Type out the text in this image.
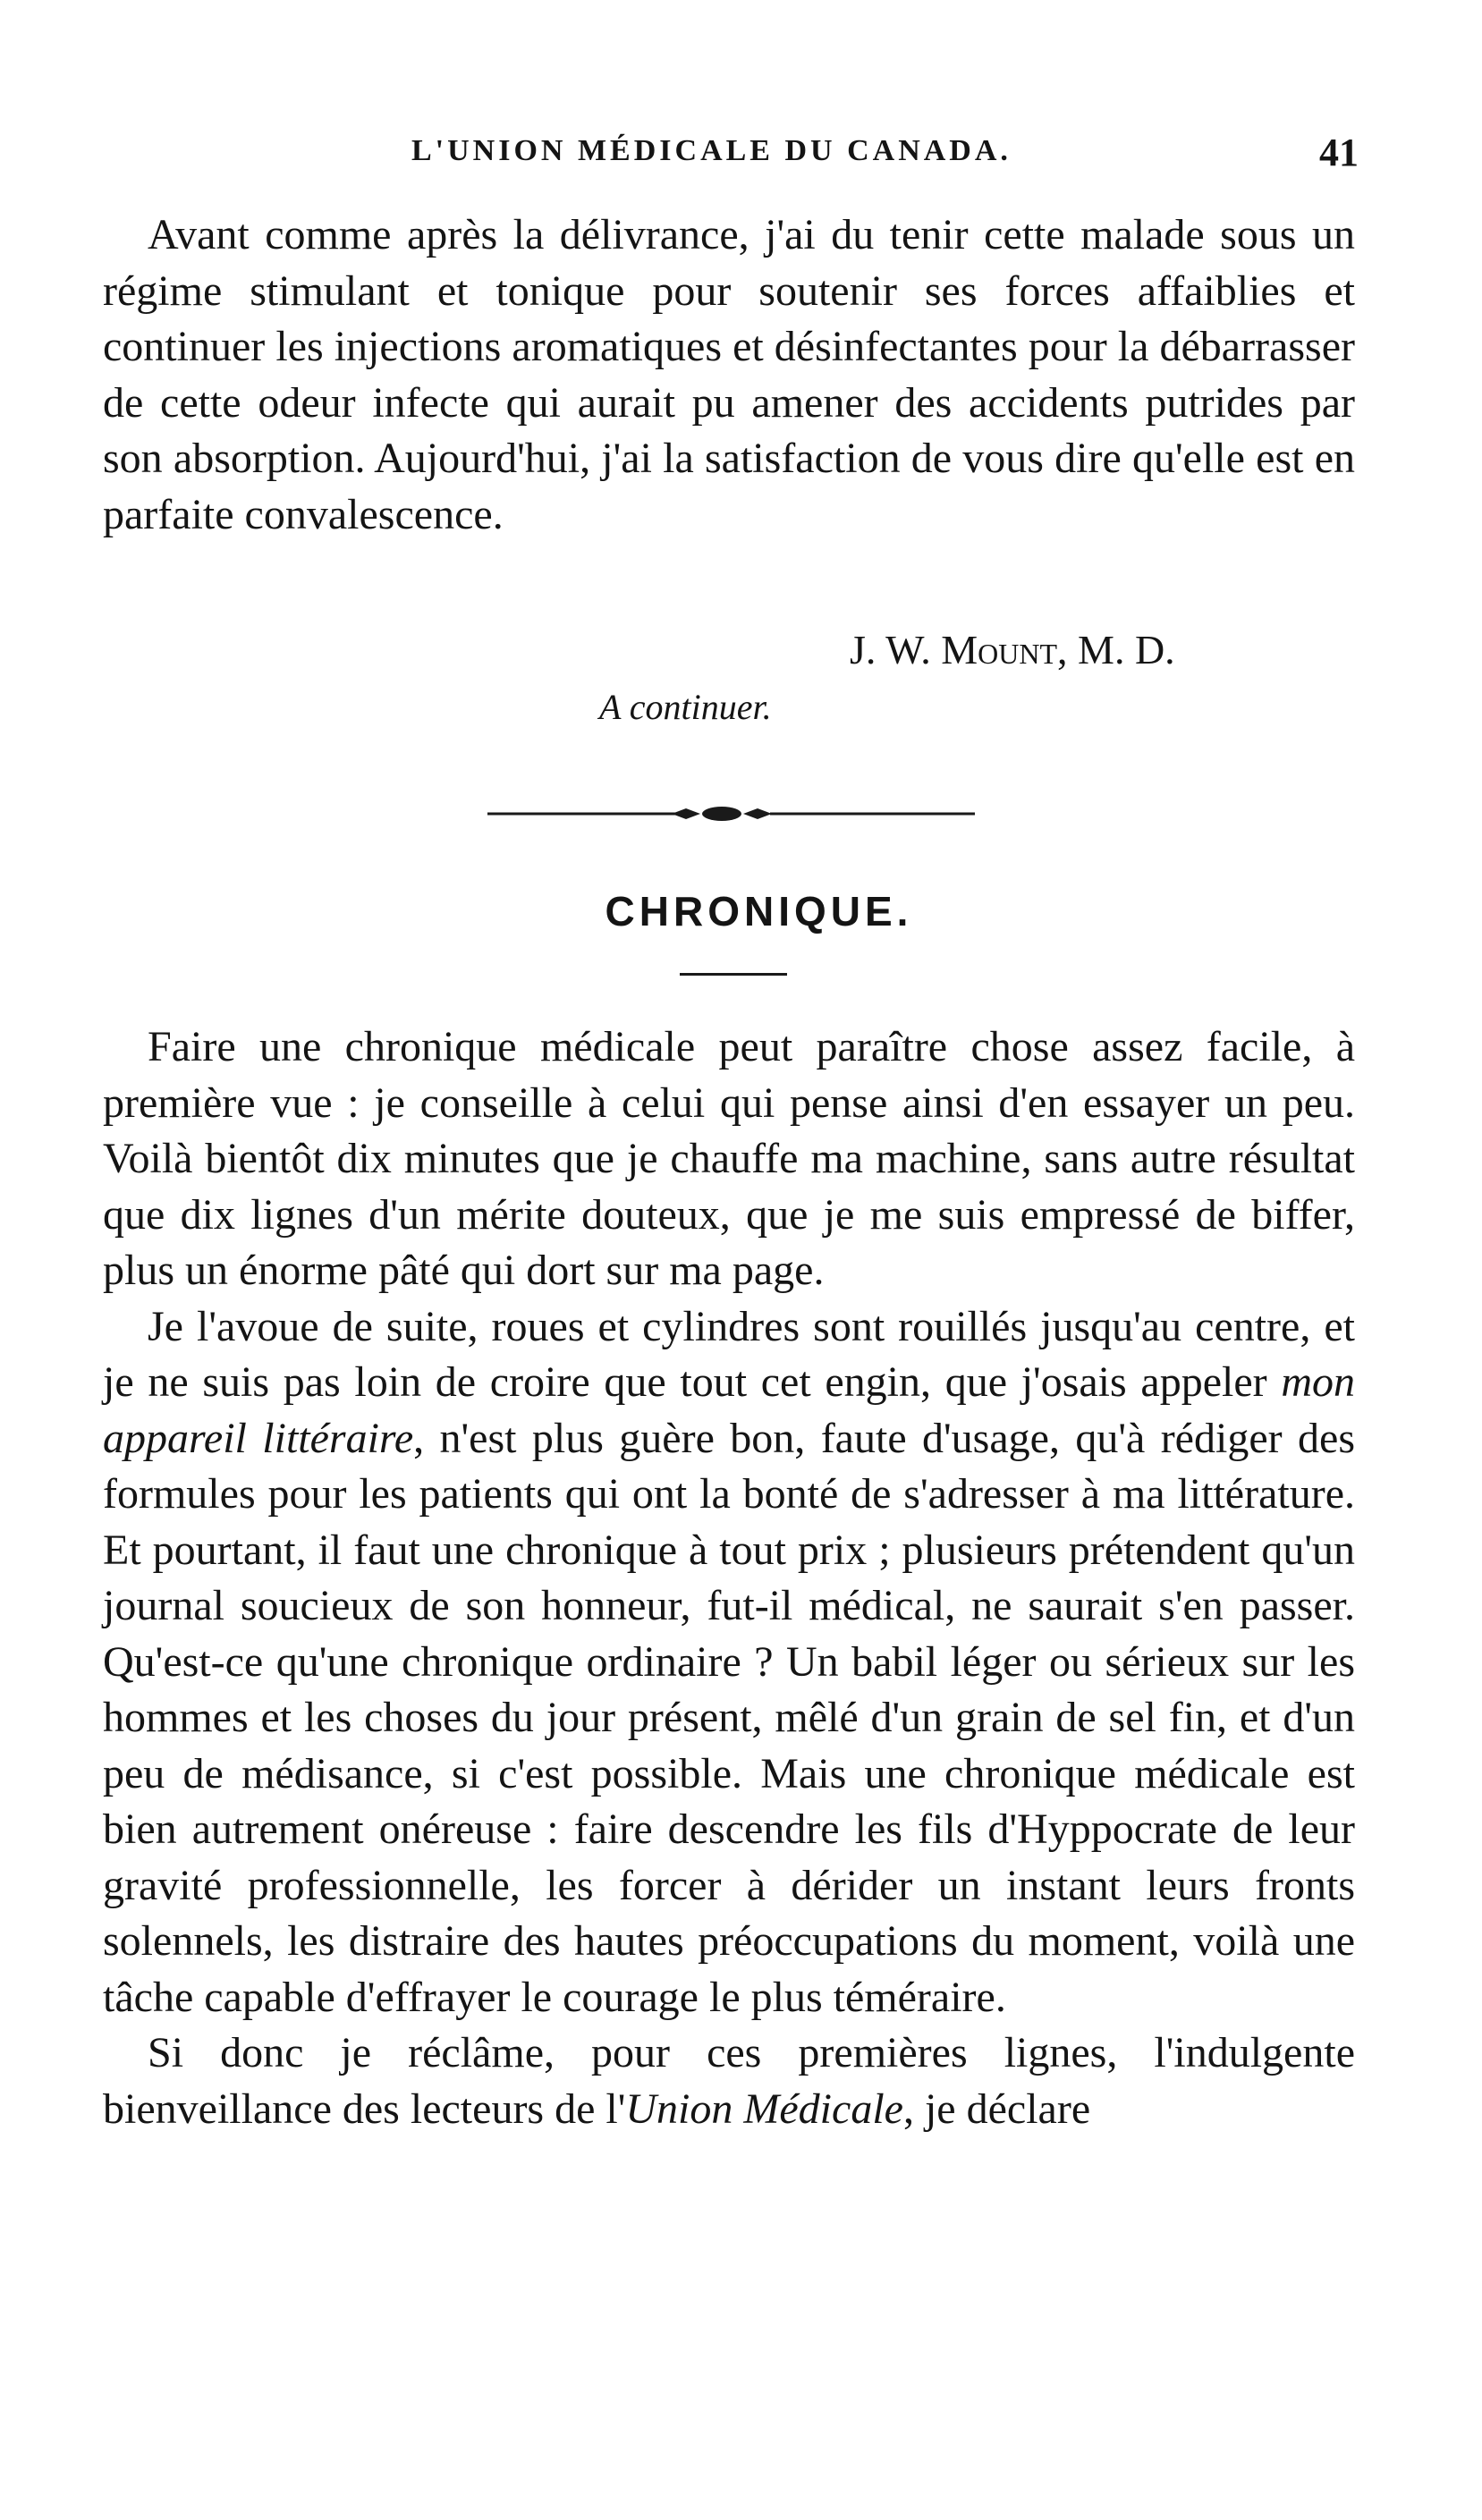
L'UNION MÉDICALE DU CANADA.	41

Avant comme après la délivrance, j'ai du tenir cette malade sous un régime stimulant et tonique pour soutenir ses forces affaiblies et continuer les injections aromatiques et désinfectantes pour la débarrasser de cette odeur infecte qui aurait pu amener des accidents putrides par son absorption. Aujourd'hui, j'ai la satisfaction de vous dire qu'elle est en parfaite convalescence.

J. W. Mount, M. D.
A continuer.
CHRONIQUE.

Faire une chronique médicale peut paraître chose assez facile, à première vue : je conseille à celui qui pense ainsi d'en essayer un peu. Voilà bientôt dix minutes que je chauffe ma machine, sans autre résultat que dix lignes d'un mérite douteux, que je me suis empressé de biffer, plus un énorme pâté qui dort sur ma page.

Je l'avoue de suite, roues et cylindres sont rouillés jusqu'au centre, et je ne suis pas loin de croire que tout cet engin, que j'osais appeler mon appareil littéraire, n'est plus guère bon, faute d'usage, qu'à rédiger des formules pour les patients qui ont la bonté de s'adresser à ma littérature. Et pourtant, il faut une chronique à tout prix ; plusieurs prétendent qu'un journal soucieux de son honneur, fut-il médical, ne saurait s'en passer. Qu'est-ce qu'une chronique ordinaire ? Un babil léger ou sérieux sur les hommes et les choses du jour présent, mêlé d'un grain de sel fin, et d'un peu de médisance, si c'est possible. Mais une chronique médicale est bien autrement onéreuse : faire descendre les fils d'Hyppocrate de leur gravité professionnelle, les forcer à dérider un instant leurs fronts solennels, les distraire des hautes préoccupations du moment, voilà une tâche capable d'effrayer le courage le plus téméraire.

Si donc je réclâme, pour ces premières lignes, l'indulgente bienveillance des lecteurs de l'Union Médicale, je déclare
